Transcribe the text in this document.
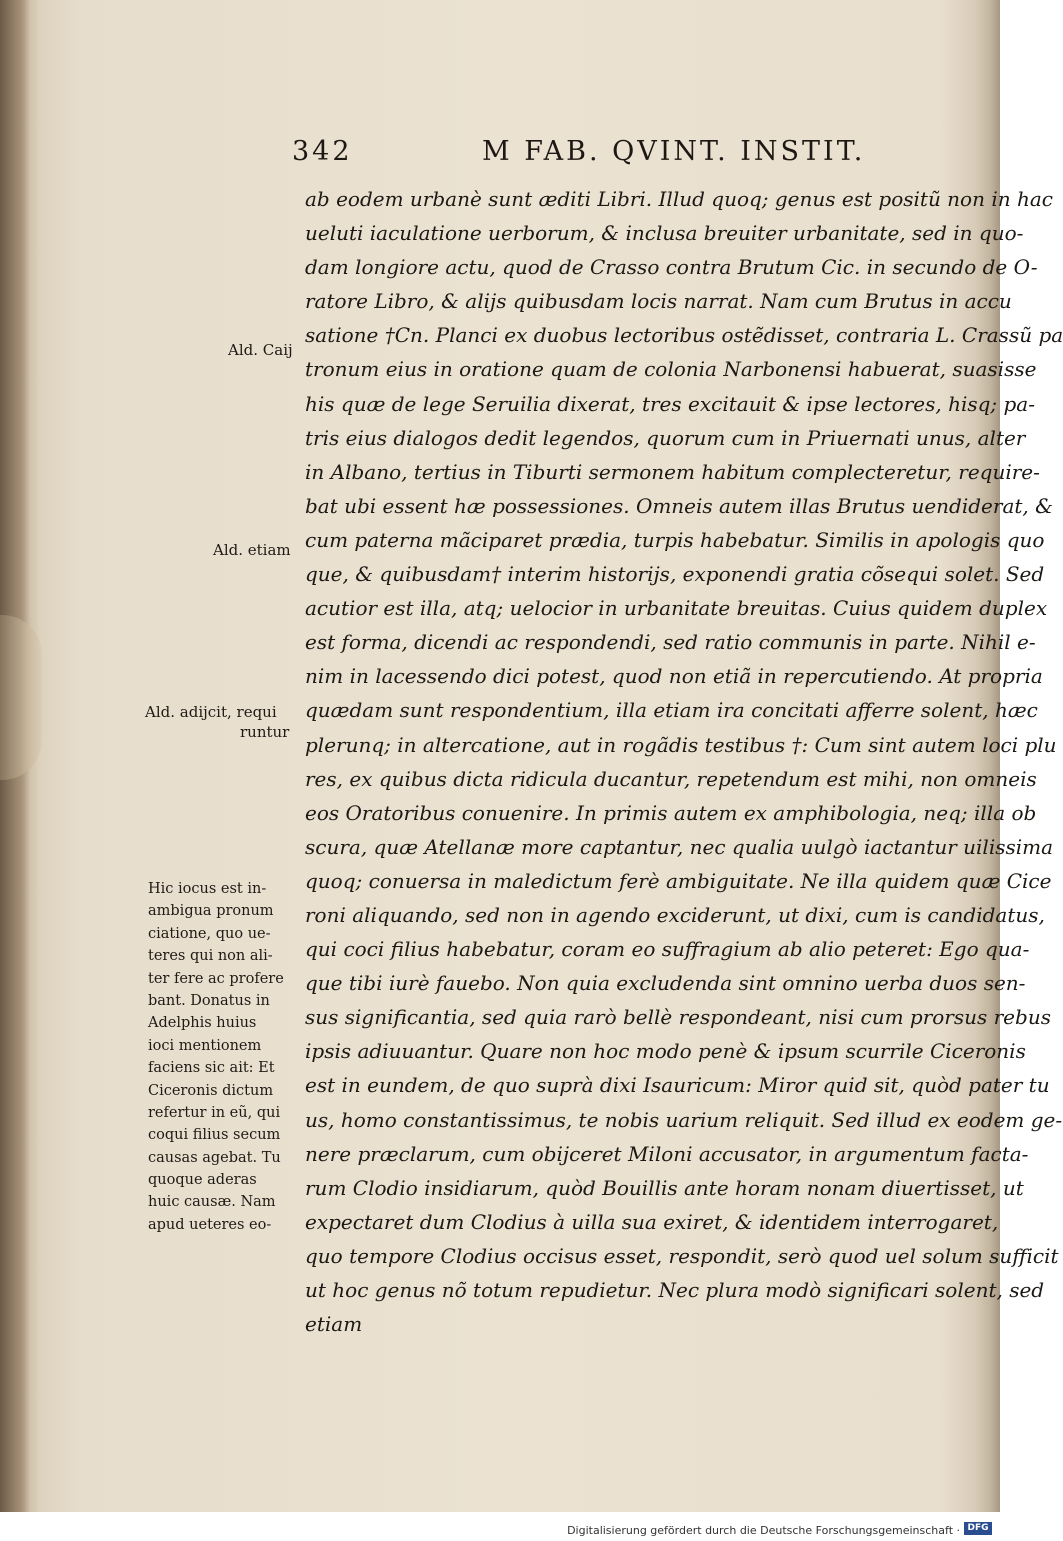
342	M FAB. QVINT. INSTIT.
Ald. Caij
Ald. etiam
Ald. adijcit, requi
runtur
Hic iocus est in-
ambigua pronum
ciatione, quo ue-
teres qui non ali-
ter fere ac profere
bant. Donatus in
Adelphis huius
ioci mentionem
faciens sic ait: Et
Ciceronis dictum
refertur in eũ, qui
coqui filius secum
causas agebat. Tu
quoque aderas
huic causæ. Nam
apud ueteres eo-
ab eodem urbanè sunt æditi Libri. Illud quoq; genus est positũ non in hac
ueluti iaculatione uerborum, & inclusa breuiter urbanitate, sed in quo-
dam longiore actu, quod de Crasso contra Brutum Cic. in secundo de O-
ratore Libro, & alijs quibusdam locis narrat. Nam cum Brutus in accu
satione †Cn. Planci ex duobus lectoribus ostẽdisset, contraria L. Crassũ pa
tronum eius in oratione quam de colonia Narbonensi habuerat, suasisse
his quæ de lege Seruilia dixerat, tres excitauit & ipse lectores, hisq; pa-
tris eius dialogos dedit legendos, quorum cum in Priuernati unus, alter
in Albano, tertius in Tiburti sermonem habitum complecteretur, require-
bat ubi essent hæ possessiones. Omneis autem illas Brutus uendiderat, &
cum paterna mãciparet prædia, turpis habebatur. Similis in apologis quo
que, & quibusdam† interim historijs, exponendi gratia cõsequi solet. Sed
acutior est illa, atq; uelocior in urbanitate breuitas. Cuius quidem duplex
est forma, dicendi ac respondendi, sed ratio communis in parte. Nihil e-
nim in lacessendo dici potest, quod non etiã in repercutiendo. At propria
quædam sunt respondentium, illa etiam ira concitati afferre solent, hæc
plerunq; in altercatione, aut in rogãdis testibus †: Cum sint autem loci plu
res, ex quibus dicta ridicula ducantur, repetendum est mihi, non omneis
eos Oratoribus conuenire. In primis autem ex amphibologia, neq; illa ob
scura, quæ Atellanæ more captantur, nec qualia uulgò iactantur uilissima
quoq; conuersa in maledictum ferè ambiguitate. Ne illa quidem quæ Cice
roni aliquando, sed non in agendo exciderunt, ut dixi, cum is candidatus,
qui coci filius habebatur, coram eo suffragium ab alio peteret: Ego qua-
que tibi iurè fauebo. Non quia excludenda sint omnino uerba duos sen-
sus significantia, sed quia rarò bellè respondeant, nisi cum prorsus rebus
ipsis adiuuantur. Quare non hoc modo penè & ipsum scurrile Ciceronis
est in eundem, de quo suprà dixi Isauricum: Miror quid sit, quòd pater tu
us, homo constantissimus, te nobis uarium reliquit. Sed illud ex eodem ge-
nere præclarum, cum obijceret Miloni accusator, in argumentum facta-
rum Clodio insidiarum, quòd Bouillis ante horam nonam diuertisset, ut
expectaret dum Clodius à uilla sua exiret, & identidem interrogaret,
quo tempore Clodius occisus esset, respondit, serò quod uel solum sufficit
ut hoc genus nõ totum repudietur. Nec plura modò significari solent, sed
etiam
Digitalisierung gefördert durch die Deutsche Forschungsgemeinschaft · DFG
